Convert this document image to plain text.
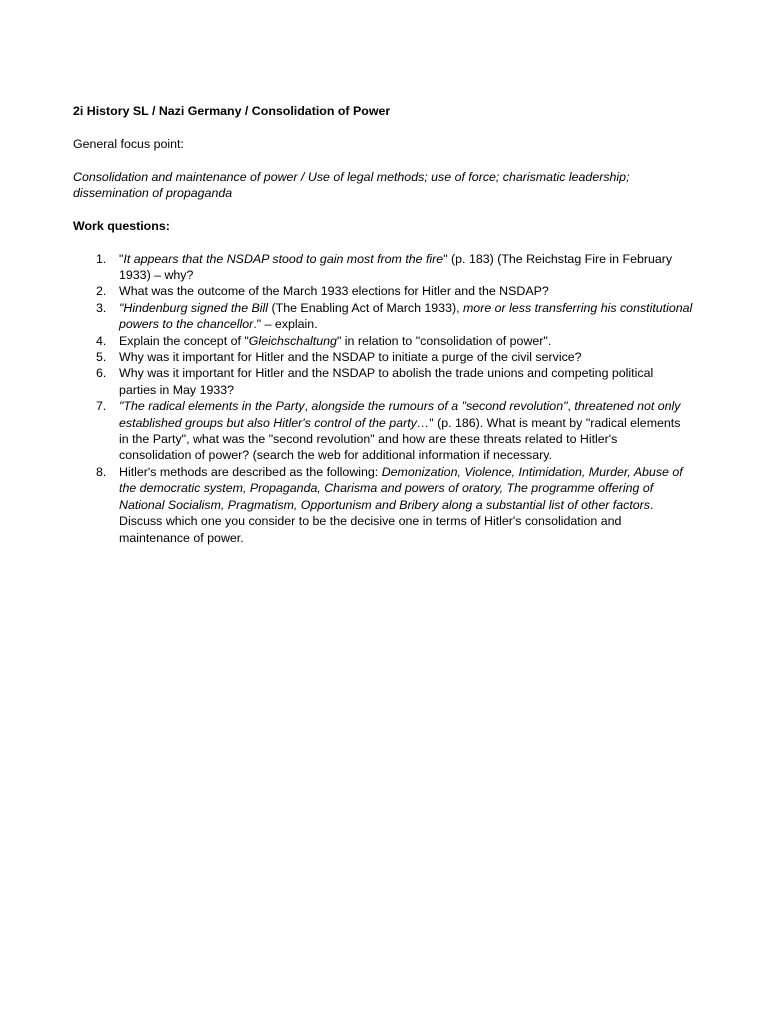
2i History SL / Nazi Germany / Consolidation of Power

General focus point:

Consolidation and maintenance of power / Use of legal methods; use of force; charismatic leadership; dissemination of propaganda

Work questions:

1. "It appears that the NSDAP stood to gain most from the fire" (p. 183) (The Reichstag Fire in February 1933) – why?
2. What was the outcome of the March 1933 elections for Hitler and the NSDAP?
3. "Hindenburg signed the Bill (The Enabling Act of March 1933), more or less transferring his constitutional powers to the chancellor." – explain.
4. Explain the concept of "Gleichschaltung" in relation to "consolidation of power".
5. Why was it important for Hitler and the NSDAP to initiate a purge of the civil service?
6. Why was it important for Hitler and the NSDAP to abolish the trade unions and competing political parties in May 1933?
7. "The radical elements in the Party, alongside the rumours of a "second revolution", threatened not only established groups but also Hitler's control of the party…" (p. 186). What is meant by "radical elements in the Party", what was the "second revolution" and how are these threats related to Hitler's consolidation of power? (search the web for additional information if necessary.
8. Hitler's methods are described as the following: Demonization, Violence, Intimidation, Murder, Abuse of the democratic system, Propaganda, Charisma and powers of oratory, The programme offering of National Socialism, Pragmatism, Opportunism and Bribery along a substantial list of other factors. Discuss which one you consider to be the decisive one in terms of Hitler's consolidation and maintenance of power.
